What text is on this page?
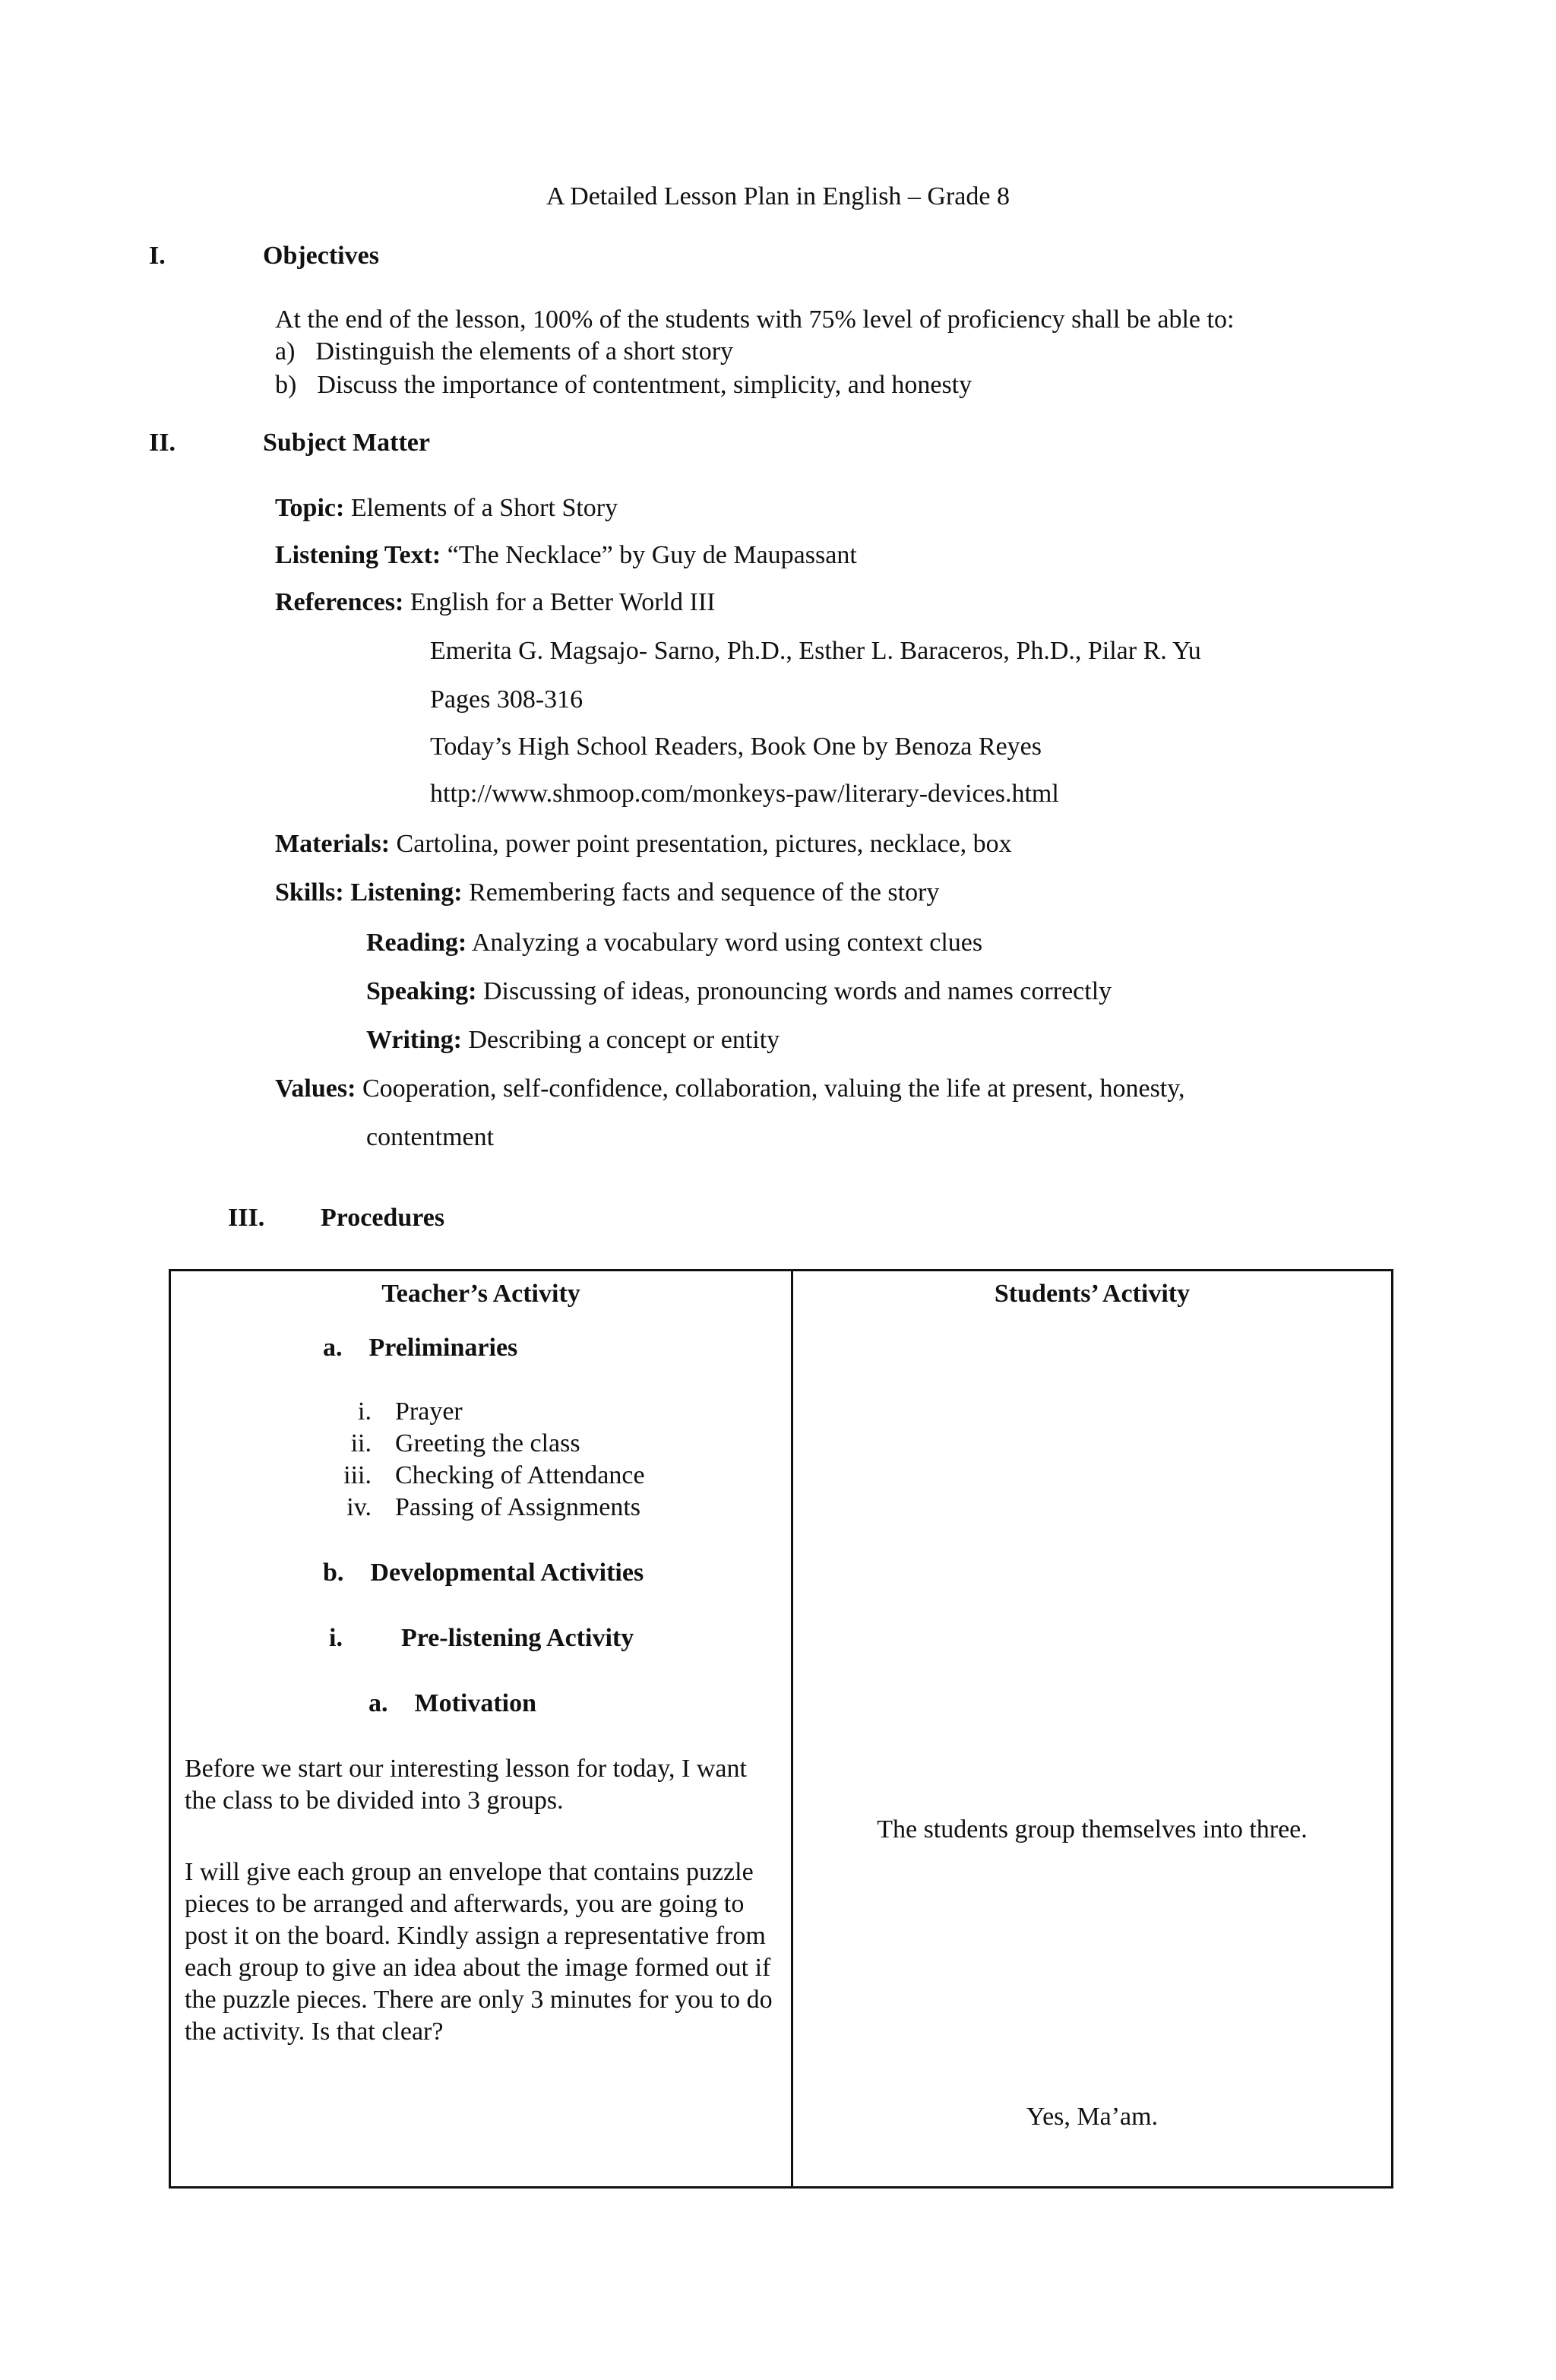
A Detailed Lesson Plan in English – Grade 8
I.	Objectives
At the end of the lesson, 100% of the students with 75% level of proficiency shall be able to:
a) Distinguish the elements of a short story
b) Discuss the importance of contentment, simplicity, and honesty
II.	Subject Matter
Topic: Elements of a Short Story
Listening Text: “The Necklace” by Guy de Maupassant
References: English for a Better World III
Emerita G. Magsajo- Sarno, Ph.D., Esther L. Baraceros, Ph.D., Pilar R. Yu
Pages 308-316
Today’s High School Readers, Book One by Benoza Reyes
http://www.shmoop.com/monkeys-paw/literary-devices.html
Materials: Cartolina, power point presentation, pictures, necklace, box
Skills: Listening: Remembering facts and sequence of the story
Reading: Analyzing a vocabulary word using context clues
Speaking: Discussing of ideas, pronouncing words and names correctly
Writing: Describing a concept or entity
Values: Cooperation, self-confidence, collaboration, valuing the life at present, honesty,
contentment
III. Procedures
Teacher’s Activity
a. Preliminaries
i. Prayer
ii. Greeting the class
iii. Checking of Attendance
iv. Passing of Assignments
b. Developmental Activities
i. Pre-listening Activity
a. Motivation
Before we start our interesting lesson for today, I want the class to be divided into 3 groups.
I will give each group an envelope that contains puzzle pieces to be arranged and afterwards, you are going to post it on the board. Kindly assign a representative from each group to give an idea about the image formed out if the puzzle pieces. There are only 3 minutes for you to do the activity. Is that clear?
Students’ Activity
The students group themselves into three.
Yes, Ma’am.
